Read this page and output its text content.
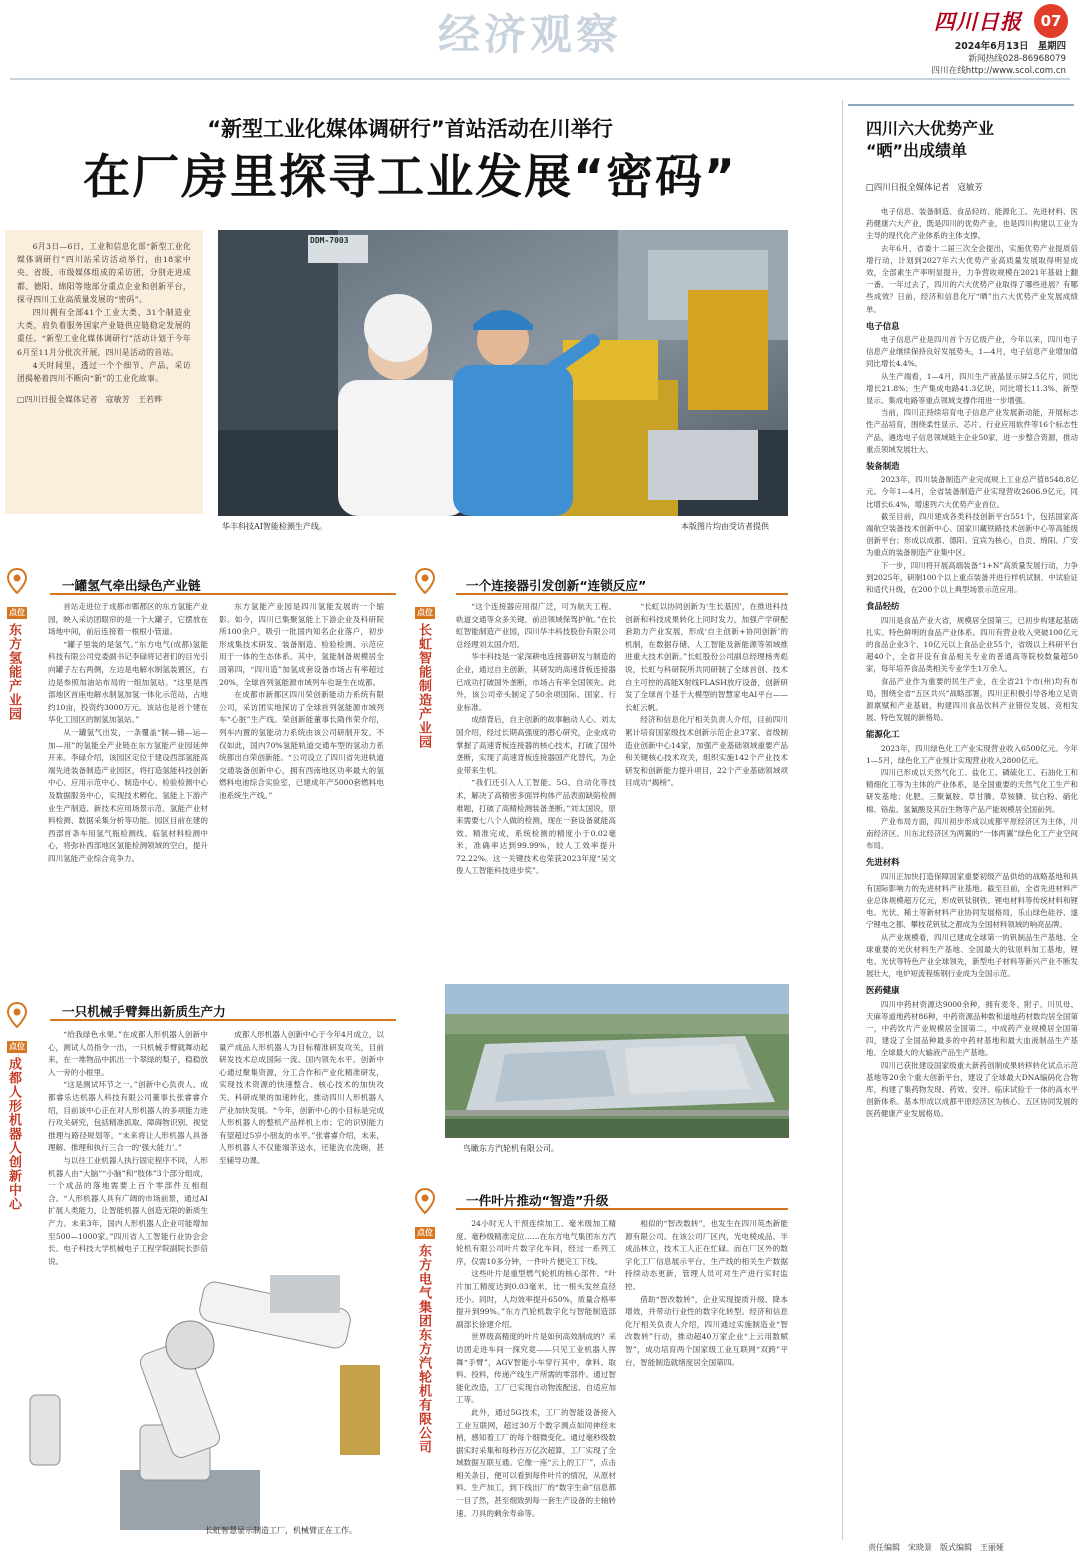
经济观察	四川日报	07
2024年6月13日　星期四
新闻热线028-86968079
四川在线http://www.scol.com.cn
“新型工业化媒体调研行”首站活动在川举行
在厂房里探寻工业发展“密码”

6月3日—6日，工业和信息化部“新型工业化媒体调研行”四川站采访活动举行，由18家中央、省级、市级媒体组成的采访团，分别走进成都、德阳、绵阳等地部分重点企业和创新平台，探寻四川工业高质量发展的“密码”。

四川拥有全部41个工业大类、31个制造业大类，肩负着服务国家产业链供应链稳定发展的重任。“新型工业化媒体调研行”活动计划于今年6月至11月分批次开展，四川是活动的首站。

4天时间里，透过一个个细节、产品，采访团揭秘着四川不断向“新”的工业化故事。

□四川日报全媒体记者　寇敏芳　王若晔

DDM-7003
华丰科技AI智能检测生产线。	本版图片均由受访者提供
点位
东方氢能产业园
一罐氢气牵出绿色产业链

首站走进位于成都市郫都区的东方氢能产业园，映入采访团眼帘的是一个大罐子，它摆放在场地中间，前后连接着一根根小管道。

“罐子里装的是氢气。”东方电气(成都)氢能科技有限公司党委副书记李碌将记者们的目光引向罐子左右两侧，左边是电解水制氢装置区，右边是参照加油站布局的一组加氢站。“这里是西部地区首座电解水制氢加氢一体化示范站，占地约10亩，投资约3000万元。该站也是首个建在华化工园区的制氢加氢站。”

从一罐氢气出发，一条覆盖“制—储—运—加—用”的氢能全产业链在东方氢能产业园延伸开来。李碌介绍，该园区定位于建设西部氢能高端先进装备制造产业园区，将打造氢能科技创新中心、应用示范中心、制造中心、检验检测中心及数据服务中心，实现技术孵化、氢能上下游产业生产制造、新技术应用场景示范、氢能产业材料检测、数据采集分析等功能。园区目前在建的西部首条车用氢气瓶检测线、临氢材料检测中心，将弥补西部地区氢能检测领域的空白，提升四川氢能产业综合竞争力。

东方氢能产业园是四川氢能发展的一个缩影。如今，四川已集聚氢能上下游企业及科研院所100余户，吸引一批国内知名企业落户，初步形成集技术研发、装备制造、检验检测、示范应用于一体的生态体系。其中，氢能制备规模居全国第四，“四川造”加氢成套设备市场占有率超过20%，全球首列氢能源市域列车也诞生在成都。

在成都市新都区四川荣创新能动力系统有限公司，采访团实地探访了全球首列氢能源市域列车“心脏”生产线。荣创新能董事长隋伟荣介绍，列车内置的氢能动力系统由该公司研制开发。不仅如此，国内70%氢能轨道交通车型的氢动力系统都出自荣创新能。“公司设立了四川省先进轨道交通装备创新中心，拥有西南地区功率最大的氢燃料电池综合实验室，已建成年产5000套燃料电池系统生产线。”

点位
长虹智能制造产业园
一个连接器引发创新“连锁反应”

“这个连接器应用很广泛，可为航天工程、轨道交通等众多关键、前沿领域保驾护航。”在长虹智能制造产业园，四川华丰科技股份有限公司总经理刘太国介绍。

华丰科技是一家深耕电连接器研发与制造的企业，通过自主创新，其研发的高速背板连接器已成功打破国外垄断，市场占有率全国领先。此外，该公司牵头制定了50余项国际、国家、行业标准。

成绩背后，自主创新的故事触动人心。刘太国介绍，经过长期高强度的潜心研究，企业成功掌握了高速背板连接器的核心技术，打破了国外垄断，实现了高速背板连接器国产化替代，为企业带来生机。

“我们还引入人工智能、5G、自动化等技术，解决了高精密多面异构体产品表面缺陷检测难题，打破了高精检测装备垄断。”刘太国说，原来需要七八个人做的检测，现在一套设备就能高效、精准完成，系统检测的精度小于0.02毫米，准确率达到99.99%，较人工效率提升72.22%。这一关键技术也荣获2023年度“吴文俊人工智能科技进步奖”。

“长虹以协同创新为‘生长基因’，在推进科技创新和科技成果转化上同时发力，加强产学研配套助力产业发展，形成‘自主创新+协同创新’的机制，在数据存储、人工智能及新能源等领域推进重大技术创新。”长虹股份公司副总经理杨秀彪说，长虹与科研院所共同研制了全球首创、技术自主可控的高能X射线FLASH放疗设备，创新研发了全球首个基于大模型的智慧家电AI平台——长虹云帆。

经济和信息化厅相关负责人介绍，目前四川累计培育国家级技术创新示范企业37家、省级制造业创新中心14家，加强产业基础领域重要产品和关键核心技术攻关，组织实施142个产业技术研发和创新能力提升项目，22个产业基础领域项目成功“揭榜”。

点位
成都人形机器人创新中心
一只机械手臂舞出新质生产力

“给我绿色水果。”在成都人形机器人创新中心，测试人员指令一出，一只机械手臂就舞动起来，在一堆物品中抓出一个翠绿的梨子，稳稳放入一旁的小框里。

“这是测试环节之一。”创新中心负责人、成都睿乐达机器人科技有限公司董事长张睿睿介绍，目前该中心正在对人形机器人的多项能力进行攻关研究，包括精准抓取、障碍物识别、视觉推理与路径规划等。“未来将让人形机器人具备理解、推理和执行三合一的‘强大能力’。”

与以往工业机器人执行固定程序不同，人形机器人由“大脑”“小脑”和“肢体”3个部分组成，一个成品的落地需要上百个零部件互相组合。“人形机器人具有广阔的市场前景，通过AI扩展人类能力，让智能机器人创造无限的新质生产力。未来3年，国内人形机器人企业可能增加至500—1000家。”四川省人工智能行业协会会长、电子科技大学机械电子工程学院副院长彭倍说。

成都人形机器人创新中心于今年4月成立，以量产成品人形机器人为目标精准研发攻关，目前研发技术总成国际一流、国内领先水平。创新中心通过聚集资源，分工合作和产业化精准研发，实现技术资源的快速整合、核心技术的加快攻关、科研成果的加速转化，推动四川人形机器人产业加快发展。“今年，创新中心的小目标是完成人形机器人的整机产品样机上市；它的识别能力有望超过5岁小朋友的水平。”张睿睿介绍，未来，人形机器人不仅能端茶送水，还能洗衣洗碗，甚至辅导功课。

长虹智慧显示制造工厂，机械臂正在工作。
鸟瞰东方汽轮机有限公司。
点位
东方电气集团东方汽轮机有限公司
一件叶片推动“智造”升级

24小时无人干预连续加工、毫米级加工精度、毫秒级精准定位……在东方电气集团东方汽轮机有限公司叶片数字化车间，经过一系列工序，仅需10多分钟，一件叶片便完工下线。

这些叶片是重型燃气轮机的核心部件。“叶片加工精度达到0.03毫米，比一根头发丝直径还小。同时，人均效率提升650%，质量合格率提升到99%。”东方汽轮机数字化与智能制造部副部长徐建介绍。

世界级高精度的叶片是如何高效制成的？采访团走进车间一探究竟——只见工业机器人挥舞“手臂”，AGV智能小车穿行其中，拿料、取料、投料，传递产线生产所需的零部件。通过智能化改造，工厂已实现自动物流配送、自适应加工等。

此外，通过5G技术，工厂的智能设备接入工业互联网，超过30万个数字测点如同神经末梢，感知着工厂的每个细微变化。通过毫秒级数据实时采集和每秒百万亿次超算，工厂实现了全域数据互联互通。它像一座“云上的工厂”，点击相关条目，便可以看到每件叶片的情况，从原材料、生产加工，到下线出厂的“数字生命”信息都一目了然，甚至细致到每一套生产设备的主轴转速、刀具的剩余寿命等。

相似的“智改数转”，也发生在四川英杰新能源有限公司。在该公司厂区内，光电棱成品、半成品林立，技术工人正在忙碌。而在厂区外的数字化工厂信息展示平台，生产线的相关生产数据持续动态更新，管理人员可对生产进行实时监控。

借助“智改数转”，企业实现提质升级、降本增效，并带动行业性的数字化转型。经济和信息化厅相关负责人介绍，四川通过实施制造业“智改数转”行动，推动超40万家企业“上云用数赋智”，成功培育两个国家级工业互联网“双跨”平台，智能制造就绪度居全国第四。

四川六大优势产业
“晒”出成绩单
□四川日报全媒体记者　寇敏芳

电子信息、装备制造、食品轻纺、能源化工、先进材料、医药健康六大产业，既是四川的优势产业，也是四川构建以工业为主导的现代化产业体系的主体支撑。

去年6月，省委十二届三次全会提出，实施优势产业提质倍增行动，计划到2027年六大优势产业高质量发展取得明显成效，全部素生产率明显提升，力争营收规模在2021年基础上翻一番。一年过去了，四川的六大优势产业取得了哪些进展？有哪些成效？日前，经济和信息化厅“晒”出六大优势产业发展成绩单。

电子信息

电子信息产业是四川首个万亿级产业，今年以来，四川电子信息产业继续保持良好发展势头，1—4月，电子信息产业增加值同比增长4.4%。

从生产端看，1—4月，四川生产液晶显示屏2.5亿片，同比增长21.8%；生产集成电路41.3亿块，同比增长11.3%，新型显示、集成电路等重点领域支撑作用进一步增强。

当前，四川正持续培育电子信息产业发展新动能，开展标志性产品培育，围绕柔性显示、芯片、行业应用软件等16个标志性产品，遴选电子信息领域链主企业50家，进一步整合资源，推动重点领域发展壮大。

装备制造

2023年，四川装备制造产业完成规上工业总产值8548.8亿元。今年1—4月，全省装备制造产业实现营收2606.9亿元，同比增长6.4%，增速列六大优势产业首位。

截至目前，四川建成各类科技创新平台551个，包括国家高端航空装备技术创新中心、国家川藏铁路技术创新中心等高能级创新平台；形成以成都、德阳、宜宾为核心，自贡、绵阳、广安为重点的装备制造产业集中区。

下一步，四川将开展高端装备“1+N”高质量发展行动，力争到2025年，研制100个以上重点装备并进行样机试制、中试验证和适代升级，在200个以上典型场景示范应用。

食品轻纺

四川是食品产业大省，规模居全国第三，已初步构建起基础扎实、特色鲜明的食品产业体系。四川有营业收入突破100亿元的食品企业3个、10亿元以上食品企业55个，省级以上科研平台超40个，全省开设有食品相关专业的普通高等院校数量超50家，每年培养食品类相关专业学生1万余人。

食品产业作为重要的民生产业，在全省21个市(州)均有布局，围绕全省“五区共兴”战略部署，四川正积极引导各地立足资源禀赋和产业基础，构建四川食品饮料产业错位发展、竞相发展、特色发展的新格局。

能源化工

2023年，四川绿色化工产业实现营业收入6500亿元。今年1—5月，绿色化工产业预计实现营业收入2800亿元。

四川已形成以天然气化工、盐化工、磷硫化工、石油化工和精细化工等为主体的产业体系，是全国重要的天然气化工生产和研发基地；化肥、三聚氰胺、草甘膦、草铵膦、钛白粉、硝化棉、铬盐、氢氰酸及其衍生物等产品产能规模居全国前列。

产业布局方面，四川初步形成以成都平原经济区为主体，川南经济区、川东北经济区为两翼的“一体两翼”绿色化工产业空间布局。

先进材料

四川正加快打造保障国家重要初级产品供给的战略基地和具有国际影响力的先进材料产业基地。截至目前，全省先进材料产业总体规模超万亿元，形成钒钛钢铁、锂电材料等传统材料和锂电、光伏、稀土等新材料产业协同发展格局，乐山绿色硅谷、遂宁锂电之都、攀枝花钒钛之都成为全国材料领域的响亮品牌。

从产业规模看，四川已建成全球第一的钒制品生产基地、全球重要的光伏材料生产基地、全国最大的钛原料加工基地，锂电、光伏等特色产业全球领先，新型电子材料等新兴产业不断发展壮大，电炉短流程炼钢行业成为全国示范。

医药健康

四川中药材资源达9000余种，拥有麦冬、附子、川贝母、天麻等道地药材86种，中药资源品种数和道地药材数均居全国第一，中药饮片产业规模居全国第二，中成药产业规模居全国第四，建设了全国品种最多的中药材基地和最大血液制品生产基地、全球最大的大输液产品生产基地。

四川已获批建设国家级重大新药创制成果转移转化试点示范基地等20余个重大创新平台，建设了全球最大DNA编码化合物库，构建了集药物发现、药效、安评、临床试验于一体的高水平创新体系。基本形成以成都平原经济区为核心、五区协同发展的医药健康产业发展格局。

责任编辑　宋晓景　版式编辑　王丽娅
